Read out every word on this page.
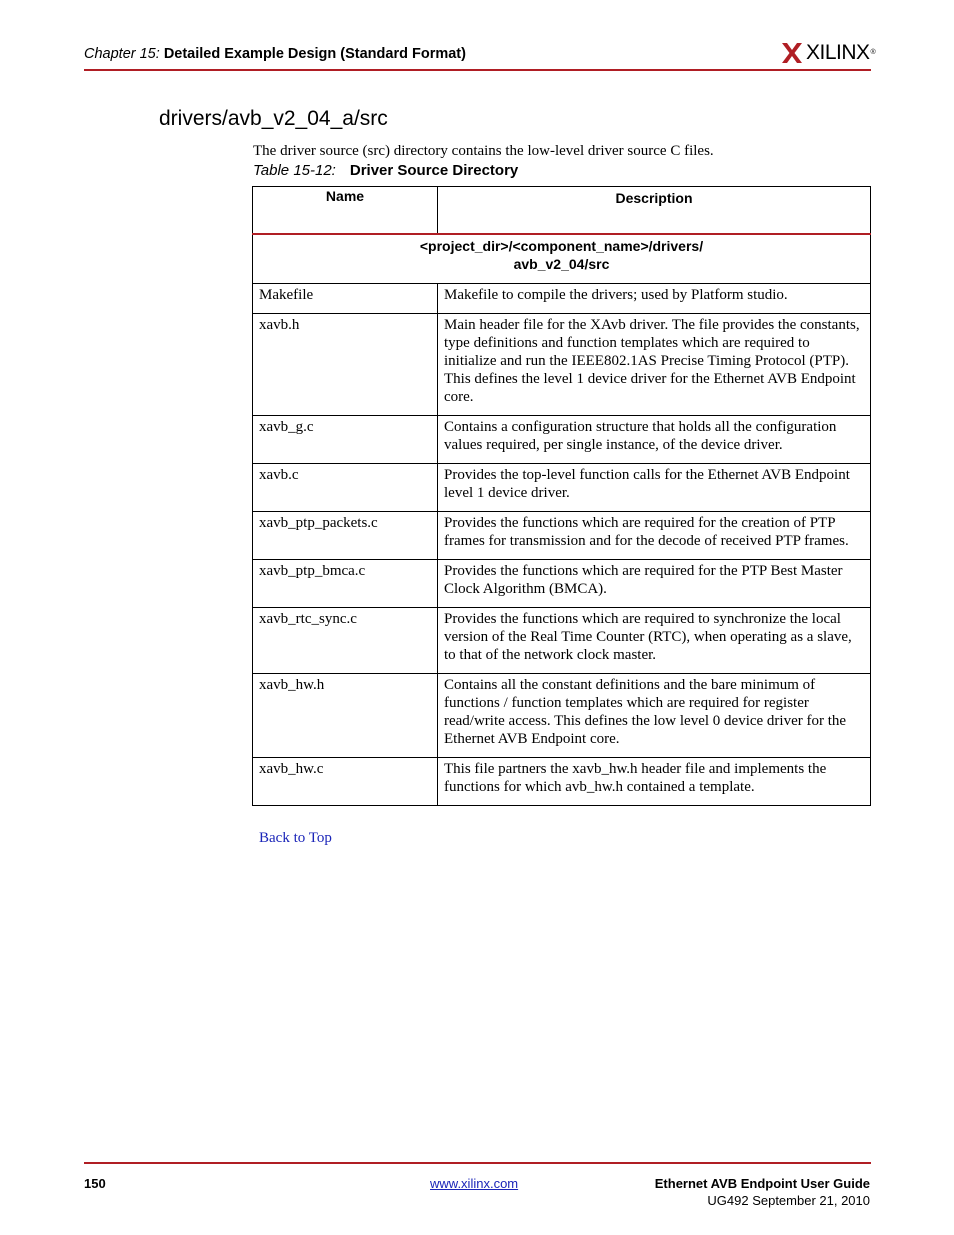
Chapter 15: Detailed Example Design (Standard Format)	XILINX®
drivers/avb_v2_04_a/src
The driver source (src) directory contains the low-level driver source C files.
Table 15-12: Driver Source Directory
Name	Description
<project_dir>/<component_name>/drivers/
avb_v2_04/src	
Makefile	Makefile to compile the drivers; used by Platform studio.
xavb.h	Main header file for the XAvb driver. The file provides the constants, type definitions and function templates which are required to initialize and run the IEEE802.1AS Precise Timing Protocol (PTP). This defines the level 1 device driver for the Ethernet AVB Endpoint core.
xavb_g.c	Contains a configuration structure that holds all the configuration values required, per single instance, of the device driver.
xavb.c	Provides the top-level function calls for the Ethernet AVB Endpoint level 1 device driver.
xavb_ptp_packets.c	Provides the functions which are required for the creation of PTP frames for transmission and for the decode of received PTP frames.
xavb_ptp_bmca.c	Provides the functions which are required for the PTP Best Master Clock Algorithm (BMCA).
xavb_rtc_sync.c	Provides the functions which are required to synchronize the local version of the Real Time Counter (RTC), when operating as a slave, to that of the network clock master.
xavb_hw.h	Contains all the constant definitions and the bare minimum of functions / function templates which are required for register read/write access. This defines the low level 0 device driver for the Ethernet AVB Endpoint core.
xavb_hw.c	This file partners the xavb_hw.h header file and implements the functions for which avb_hw.h contained a template.
Back to Top
150	www.xilinx.com	Ethernet AVB Endpoint User Guide
UG492 September 21, 2010
